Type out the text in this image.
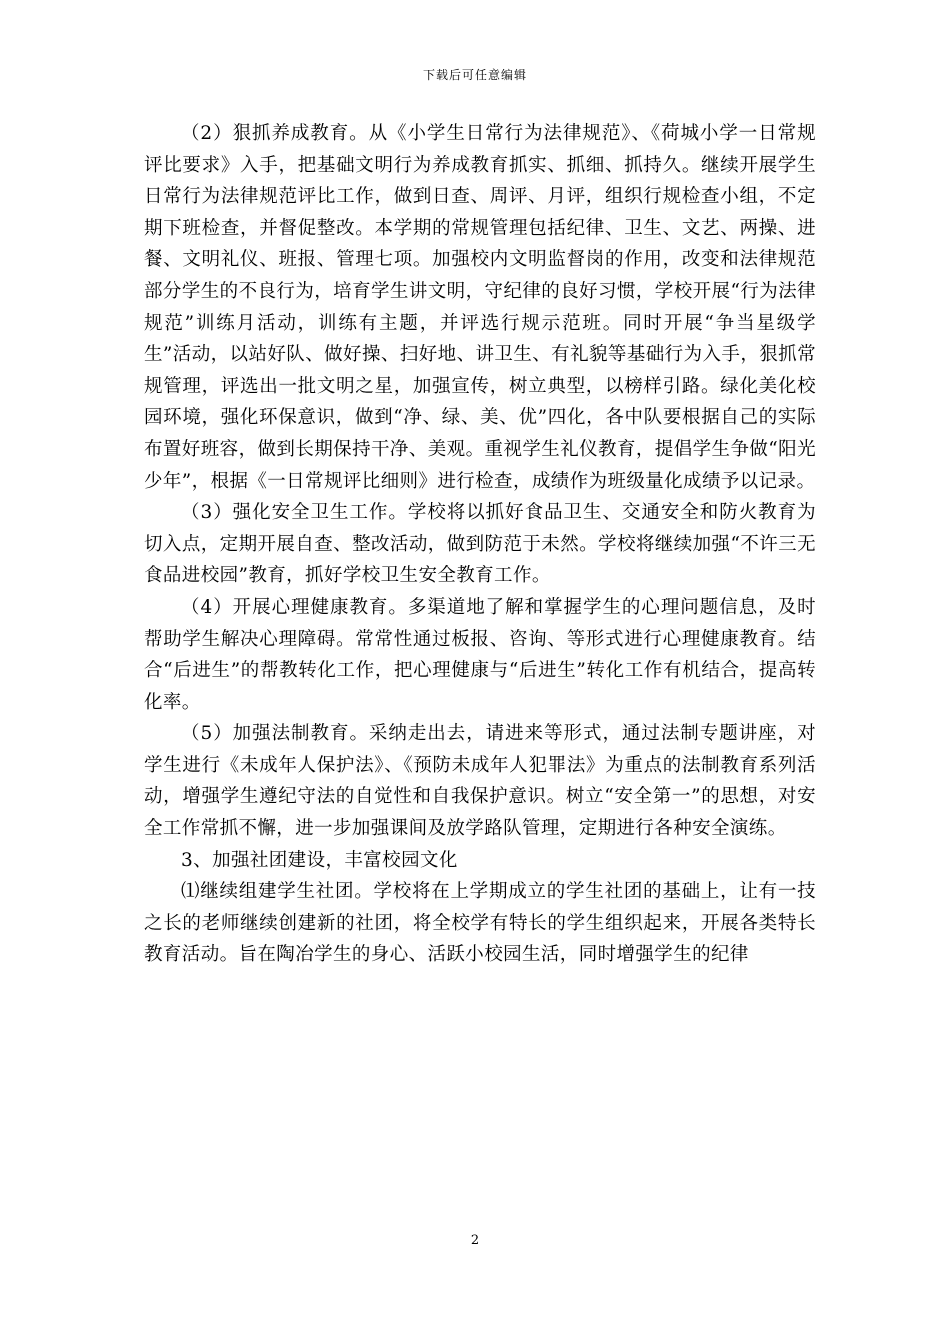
下载后可任意编辑

（2）狠抓养成教育。从《小学生日常行为法律规范》、《荷城小学一日常规评比要求》入手，把基础文明行为养成教育抓实、抓细、抓持久。继续开展学生日常行为法律规范评比工作，做到日查、周评、月评，组织行规检查小组，不定期下班检查，并督促整改。本学期的常规管理包括纪律、卫生、文艺、两操、进餐、文明礼仪、班报、管理七项。加强校内文明监督岗的作用，改变和法律规范部分学生的不良行为，培育学生讲文明，守纪律的良好习惯，学校开展“行为法律规范”训练月活动，训练有主题，并评选行规示范班。同时开展“争当星级学生”活动，以站好队、做好操、扫好地、讲卫生、有礼貌等基础行为入手，狠抓常规管理，评选出一批文明之星，加强宣传，树立典型，以榜样引路。绿化美化校园环境，强化环保意识，做到“净、绿、美、优”四化，各中队要根据自己的实际布置好班容，做到长期保持干净、美观。重视学生礼仪教育，提倡学生争做“阳光少年”，根据《一日常规评比细则》进行检查，成绩作为班级量化成绩予以记录。

（3）强化安全卫生工作。学校将以抓好食品卫生、交通安全和防火教育为切入点，定期开展自查、整改活动，做到防范于未然。学校将继续加强“不许三无食品进校园”教育，抓好学校卫生安全教育工作。

（4）开展心理健康教育。多渠道地了解和掌握学生的心理问题信息，及时帮助学生解决心理障碍。常常性通过板报、咨询、等形式进行心理健康教育。结合“后进生”的帮教转化工作，把心理健康与“后进生”转化工作有机结合，提高转化率。

（5）加强法制教育。采纳走出去，请进来等形式，通过法制专题讲座，对学生进行《未成年人保护法》、《预防未成年人犯罪法》为重点的法制教育系列活动，增强学生遵纪守法的自觉性和自我保护意识。树立“安全第一”的思想，对安全工作常抓不懈，进一步加强课间及放学路队管理，定期进行各种安全演练。

3、加强社团建设，丰富校园文化

⑴继续组建学生社团。学校将在上学期成立的学生社团的基础上，让有一技之长的老师继续创建新的社团，将全校学有特长的学生组织起来，开展各类特长教育活动。旨在陶冶学生的身心、活跃小校园生活，同时增强学生的纪律

2
